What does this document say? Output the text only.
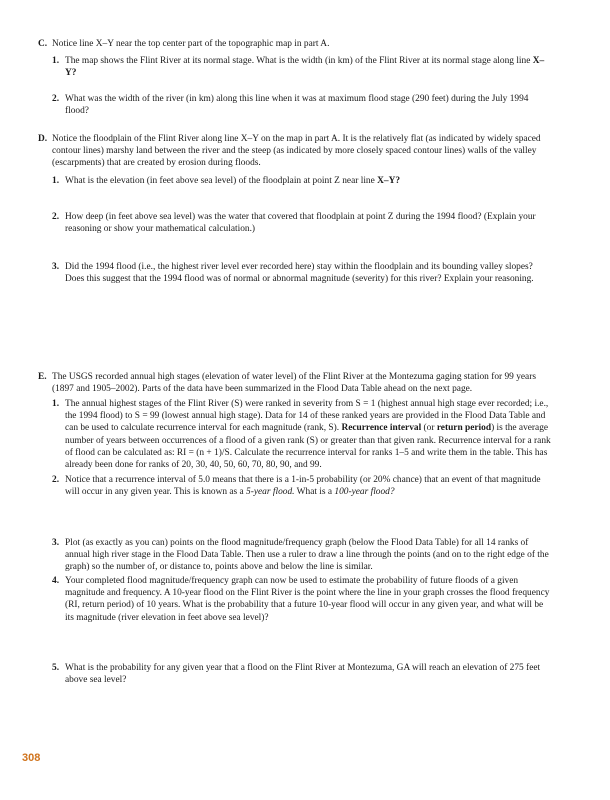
C. Notice line X–Y near the top center part of the topographic map in part A.
1. The map shows the Flint River at its normal stage. What is the width (in km) of the Flint River at its normal stage along line X–Y?
2. What was the width of the river (in km) along this line when it was at maximum flood stage (290 feet) during the July 1994 flood?
D. Notice the floodplain of the Flint River along line X–Y on the map in part A. It is the relatively flat (as indicated by widely spaced contour lines) marshy land between the river and the steep (as indicated by more closely spaced contour lines) walls of the valley (escarpments) that are created by erosion during floods.
1. What is the elevation (in feet above sea level) of the floodplain at point Z near line X–Y?
2. How deep (in feet above sea level) was the water that covered that floodplain at point Z during the 1994 flood? (Explain your reasoning or show your mathematical calculation.)
3. Did the 1994 flood (i.e., the highest river level ever recorded here) stay within the floodplain and its bounding valley slopes? Does this suggest that the 1994 flood was of normal or abnormal magnitude (severity) for this river? Explain your reasoning.
E. The USGS recorded annual high stages (elevation of water level) of the Flint River at the Montezuma gaging station for 99 years (1897 and 1905–2002). Parts of the data have been summarized in the Flood Data Table ahead on the next page.
1. The annual highest stages of the Flint River (S) were ranked in severity from S = 1 (highest annual high stage ever recorded; i.e., the 1994 flood) to S = 99 (lowest annual high stage). Data for 14 of these ranked years are provided in the Flood Data Table and can be used to calculate recurrence interval for each magnitude (rank, S). Recurrence interval (or return period) is the average number of years between occurrences of a flood of a given rank (S) or greater than that given rank. Recurrence interval for a rank of flood can be calculated as: RI = (n + 1)/S. Calculate the recurrence interval for ranks 1–5 and write them in the table. This has already been done for ranks of 20, 30, 40, 50, 60, 70, 80, 90, and 99.
2. Notice that a recurrence interval of 5.0 means that there is a 1-in-5 probability (or 20% chance) that an event of that magnitude will occur in any given year. This is known as a 5-year flood. What is a 100-year flood?
3. Plot (as exactly as you can) points on the flood magnitude/frequency graph (below the Flood Data Table) for all 14 ranks of annual high river stage in the Flood Data Table. Then use a ruler to draw a line through the points (and on to the right edge of the graph) so the number of, or distance to, points above and below the line is similar.
4. Your completed flood magnitude/frequency graph can now be used to estimate the probability of future floods of a given magnitude and frequency. A 10-year flood on the Flint River is the point where the line in your graph crosses the flood frequency (RI, return period) of 10 years. What is the probability that a future 10-year flood will occur in any given year, and what will be its magnitude (river elevation in feet above sea level)?
5. What is the probability for any given year that a flood on the Flint River at Montezuma, GA will reach an elevation of 275 feet above sea level?
308
